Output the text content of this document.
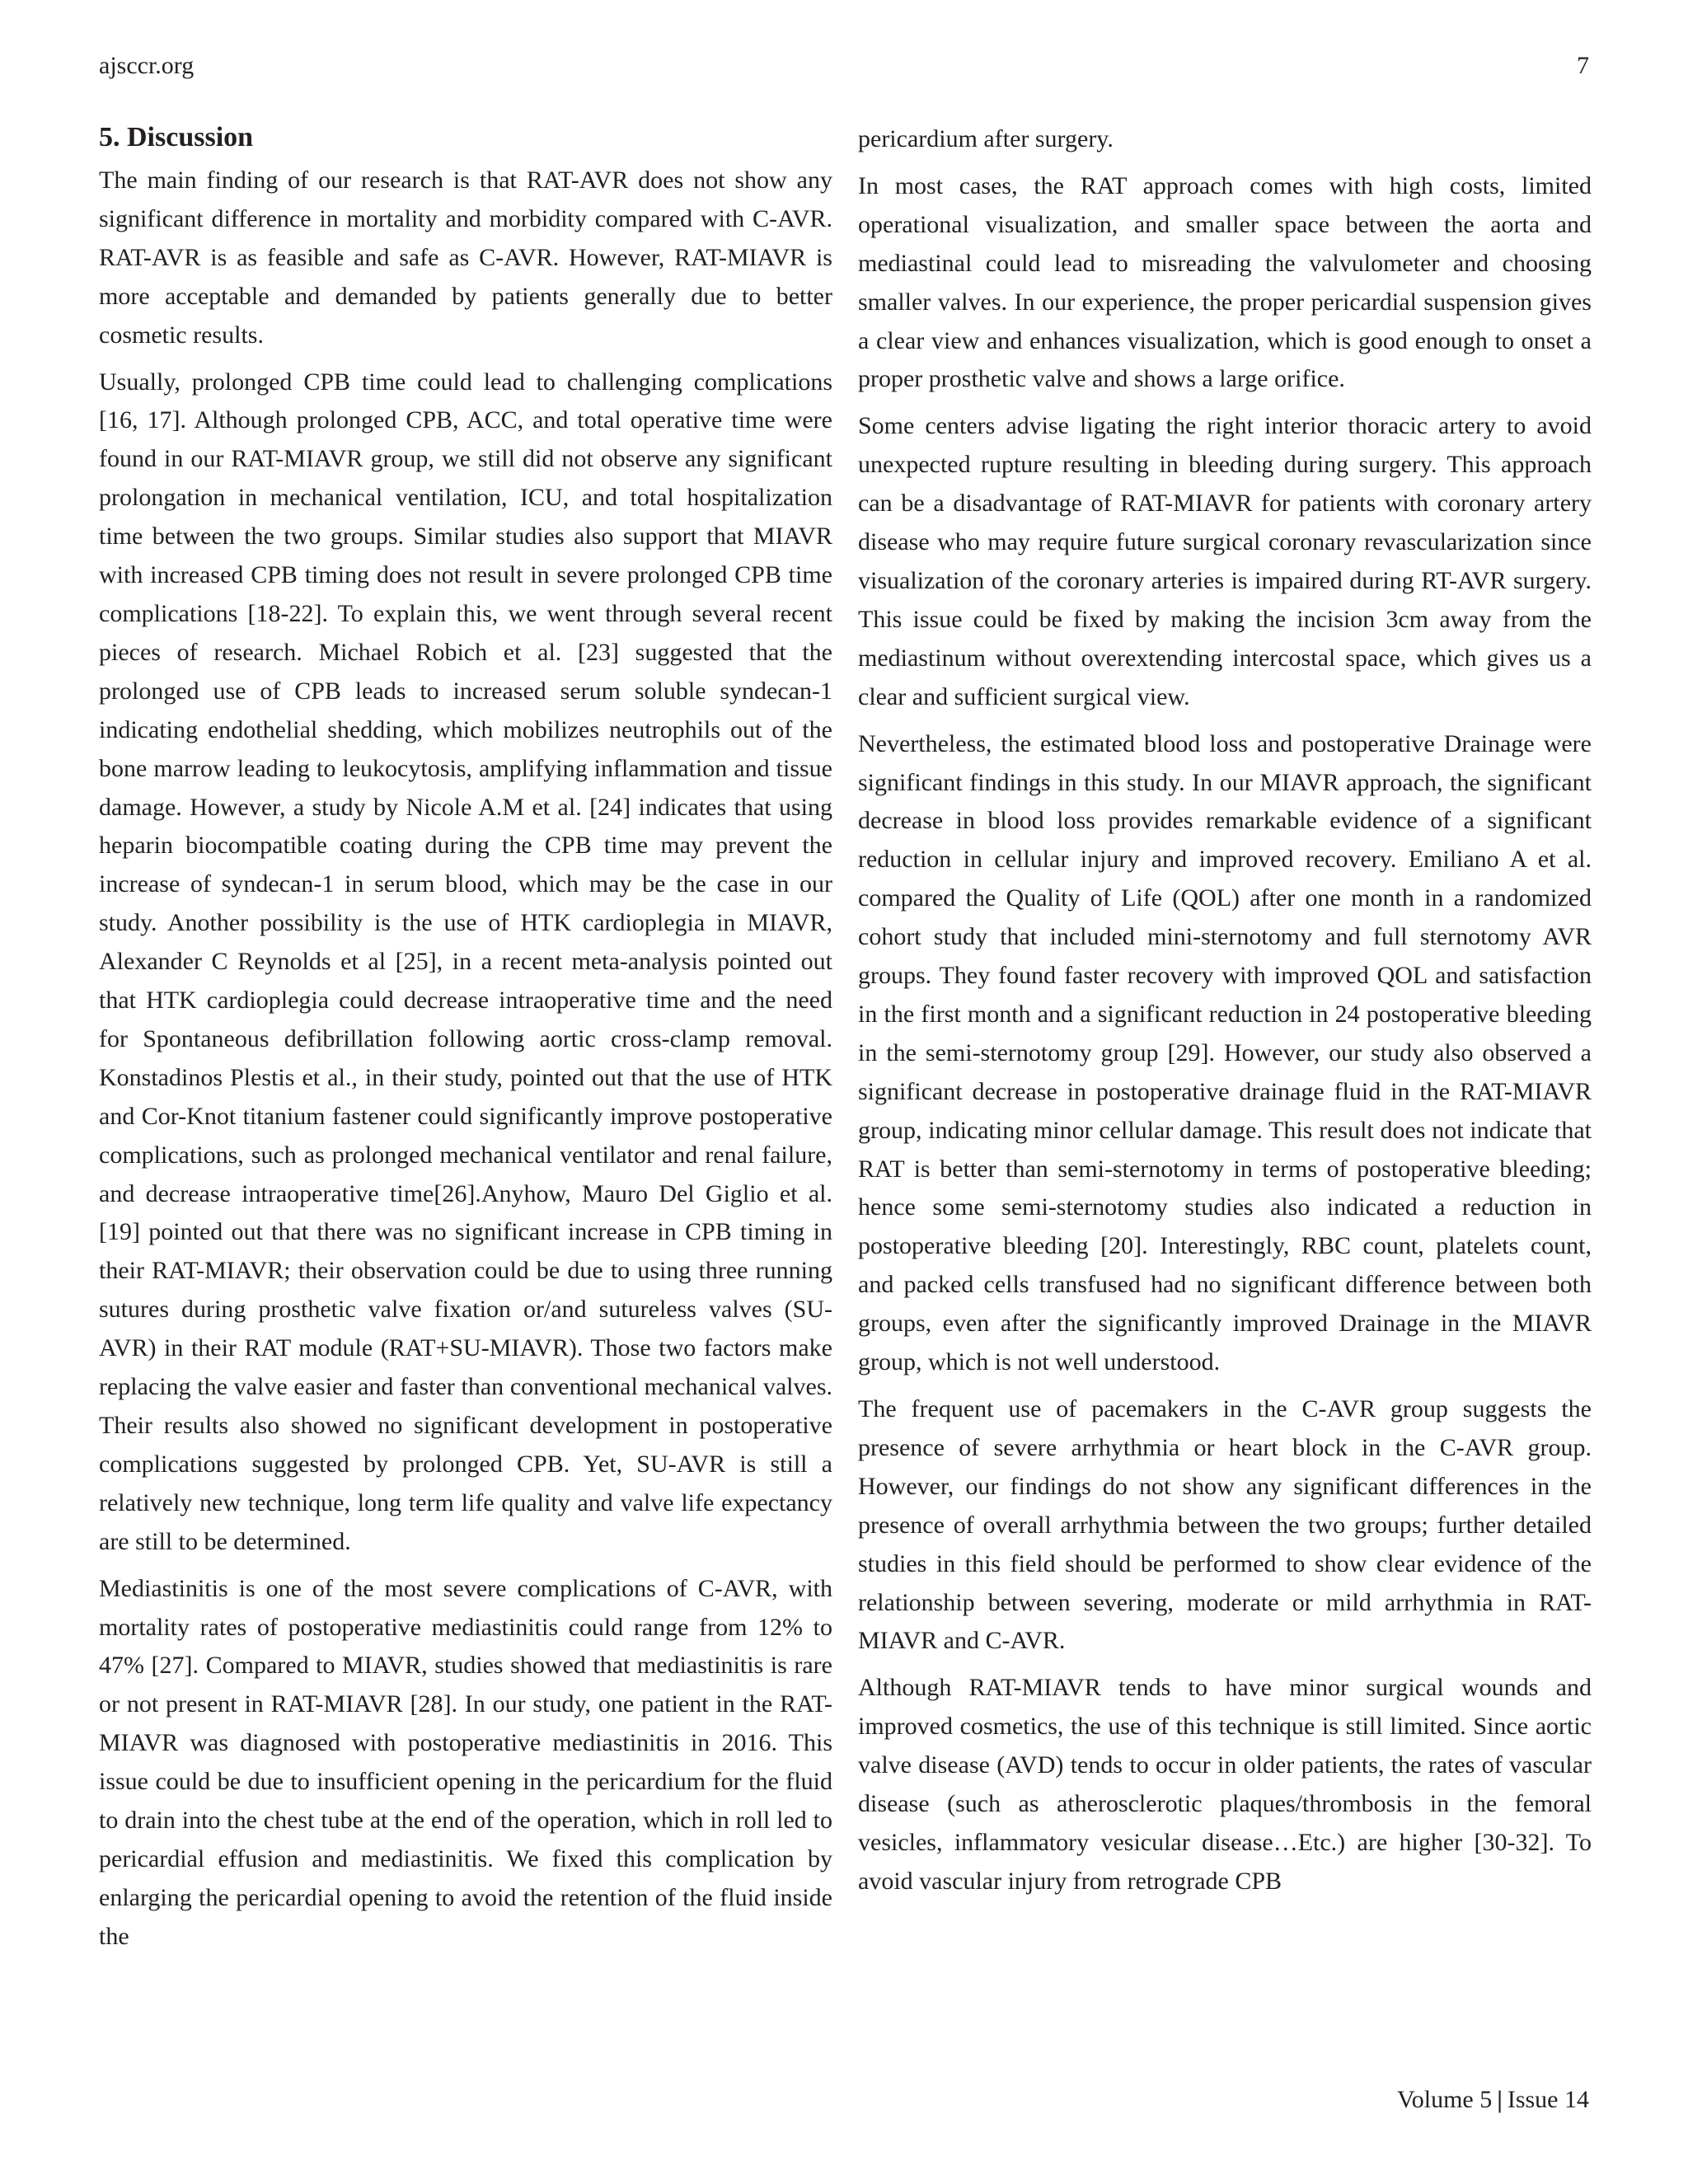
ajsccr.org	7
5. Discussion

The main finding of our research is that RAT-AVR does not show any significant difference in mortality and morbidity compared with C-AVR. RAT-AVR is as feasible and safe as C-AVR. However, RAT-MIAVR is more acceptable and demanded by patients generally due to better cosmetic results.

Usually, prolonged CPB time could lead to challenging complications [16, 17]. Although prolonged CPB, ACC, and total operative time were found in our RAT-MIAVR group, we still did not observe any significant prolongation in mechanical ventilation, ICU, and total hospitalization time between the two groups. Similar studies also support that MIAVR with increased CPB timing does not result in severe prolonged CPB time complications [18-22]. To explain this, we went through several recent pieces of research. Michael Robich et al. [23] suggested that the prolonged use of CPB leads to increased serum soluble syndecan-1 indicating endothelial shedding, which mobilizes neutrophils out of the bone marrow leading to leukocytosis, amplifying inflammation and tissue damage. However, a study by Nicole A.M et al. [24] indicates that using heparin biocompatible coating during the CPB time may prevent the increase of syndecan-1 in serum blood, which may be the case in our study. Another possibility is the use of HTK cardioplegia in MIAVR, Alexander C Reynolds et al [25], in a recent meta-analysis pointed out that HTK cardioplegia could decrease intraoperative time and the need for Spontaneous defibrillation following aortic cross-clamp removal. Konstadinos Plestis et al., in their study, pointed out that the use of HTK and Cor-Knot titanium fastener could significantly improve postoperative complications, such as prolonged mechanical ventilator and renal failure, and decrease intraoperative time[26].Anyhow, Mauro Del Giglio et al.[19] pointed out that there was no significant increase in CPB timing in their RAT-MIAVR; their observation could be due to using three running sutures during prosthetic valve fixation or/and sutureless valves (SU-AVR) in their RAT module (RAT+SU-MIAVR). Those two factors make replacing the valve easier and faster than conventional mechanical valves. Their results also showed no significant development in postoperative complications suggested by prolonged CPB. Yet, SU-AVR is still a relatively new technique, long term life quality and valve life expectancy are still to be determined.

Mediastinitis is one of the most severe complications of C-AVR, with mortality rates of postoperative mediastinitis could range from 12% to 47% [27]. Compared to MIAVR, studies showed that mediastinitis is rare or not present in RAT-MIAVR [28]. In our study, one patient in the RAT-MIAVR was diagnosed with postoperative mediastinitis in 2016. This issue could be due to insufficient opening in the pericardium for the fluid to drain into the chest tube at the end of the operation, which in roll led to pericardial effusion and mediastinitis. We fixed this complication by enlarging the pericardial opening to avoid the retention of the fluid inside the

pericardium after surgery.

In most cases, the RAT approach comes with high costs, limited operational visualization, and smaller space between the aorta and mediastinal could lead to misreading the valvulometer and choosing smaller valves. In our experience, the proper pericardial suspension gives a clear view and enhances visualization, which is good enough to onset a proper prosthetic valve and shows a large orifice.

Some centers advise ligating the right interior thoracic artery to avoid unexpected rupture resulting in bleeding during surgery. This approach can be a disadvantage of RAT-MIAVR for patients with coronary artery disease who may require future surgical coronary revascularization since visualization of the coronary arteries is impaired during RT-AVR surgery. This issue could be fixed by making the incision 3cm away from the mediastinum without overextending intercostal space, which gives us a clear and sufficient surgical view.

Nevertheless, the estimated blood loss and postoperative Drainage were significant findings in this study. In our MIAVR approach, the significant decrease in blood loss provides remarkable evidence of a significant reduction in cellular injury and improved recovery. Emiliano A et al. compared the Quality of Life (QOL) after one month in a randomized cohort study that included mini-sternotomy and full sternotomy AVR groups. They found faster recovery with improved QOL and satisfaction in the first month and a significant reduction in 24 postoperative bleeding in the semi-sternotomy group [29]. However, our study also observed a significant decrease in postoperative drainage fluid in the RAT-MIAVR group, indicating minor cellular damage. This result does not indicate that RAT is better than semi-sternotomy in terms of postoperative bleeding; hence some semi-sternotomy studies also indicated a reduction in postoperative bleeding [20]. Interestingly, RBC count, platelets count, and packed cells transfused had no significant difference between both groups, even after the significantly improved Drainage in the MIAVR group, which is not well understood.

The frequent use of pacemakers in the C-AVR group suggests the presence of severe arrhythmia or heart block in the C-AVR group. However, our findings do not show any significant differences in the presence of overall arrhythmia between the two groups; further detailed studies in this field should be performed to show clear evidence of the relationship between severing, moderate or mild arrhythmia in RAT-MIAVR and C-AVR.

Although RAT-MIAVR tends to have minor surgical wounds and improved cosmetics, the use of this technique is still limited. Since aortic valve disease (AVD) tends to occur in older patients, the rates of vascular disease (such as atherosclerotic plaques/thrombosis in the femoral vesicles, inflammatory vesicular disease…Etc.) are higher [30-32]. To avoid vascular injury from retrograde CPB

Volume 5 | Issue 14
